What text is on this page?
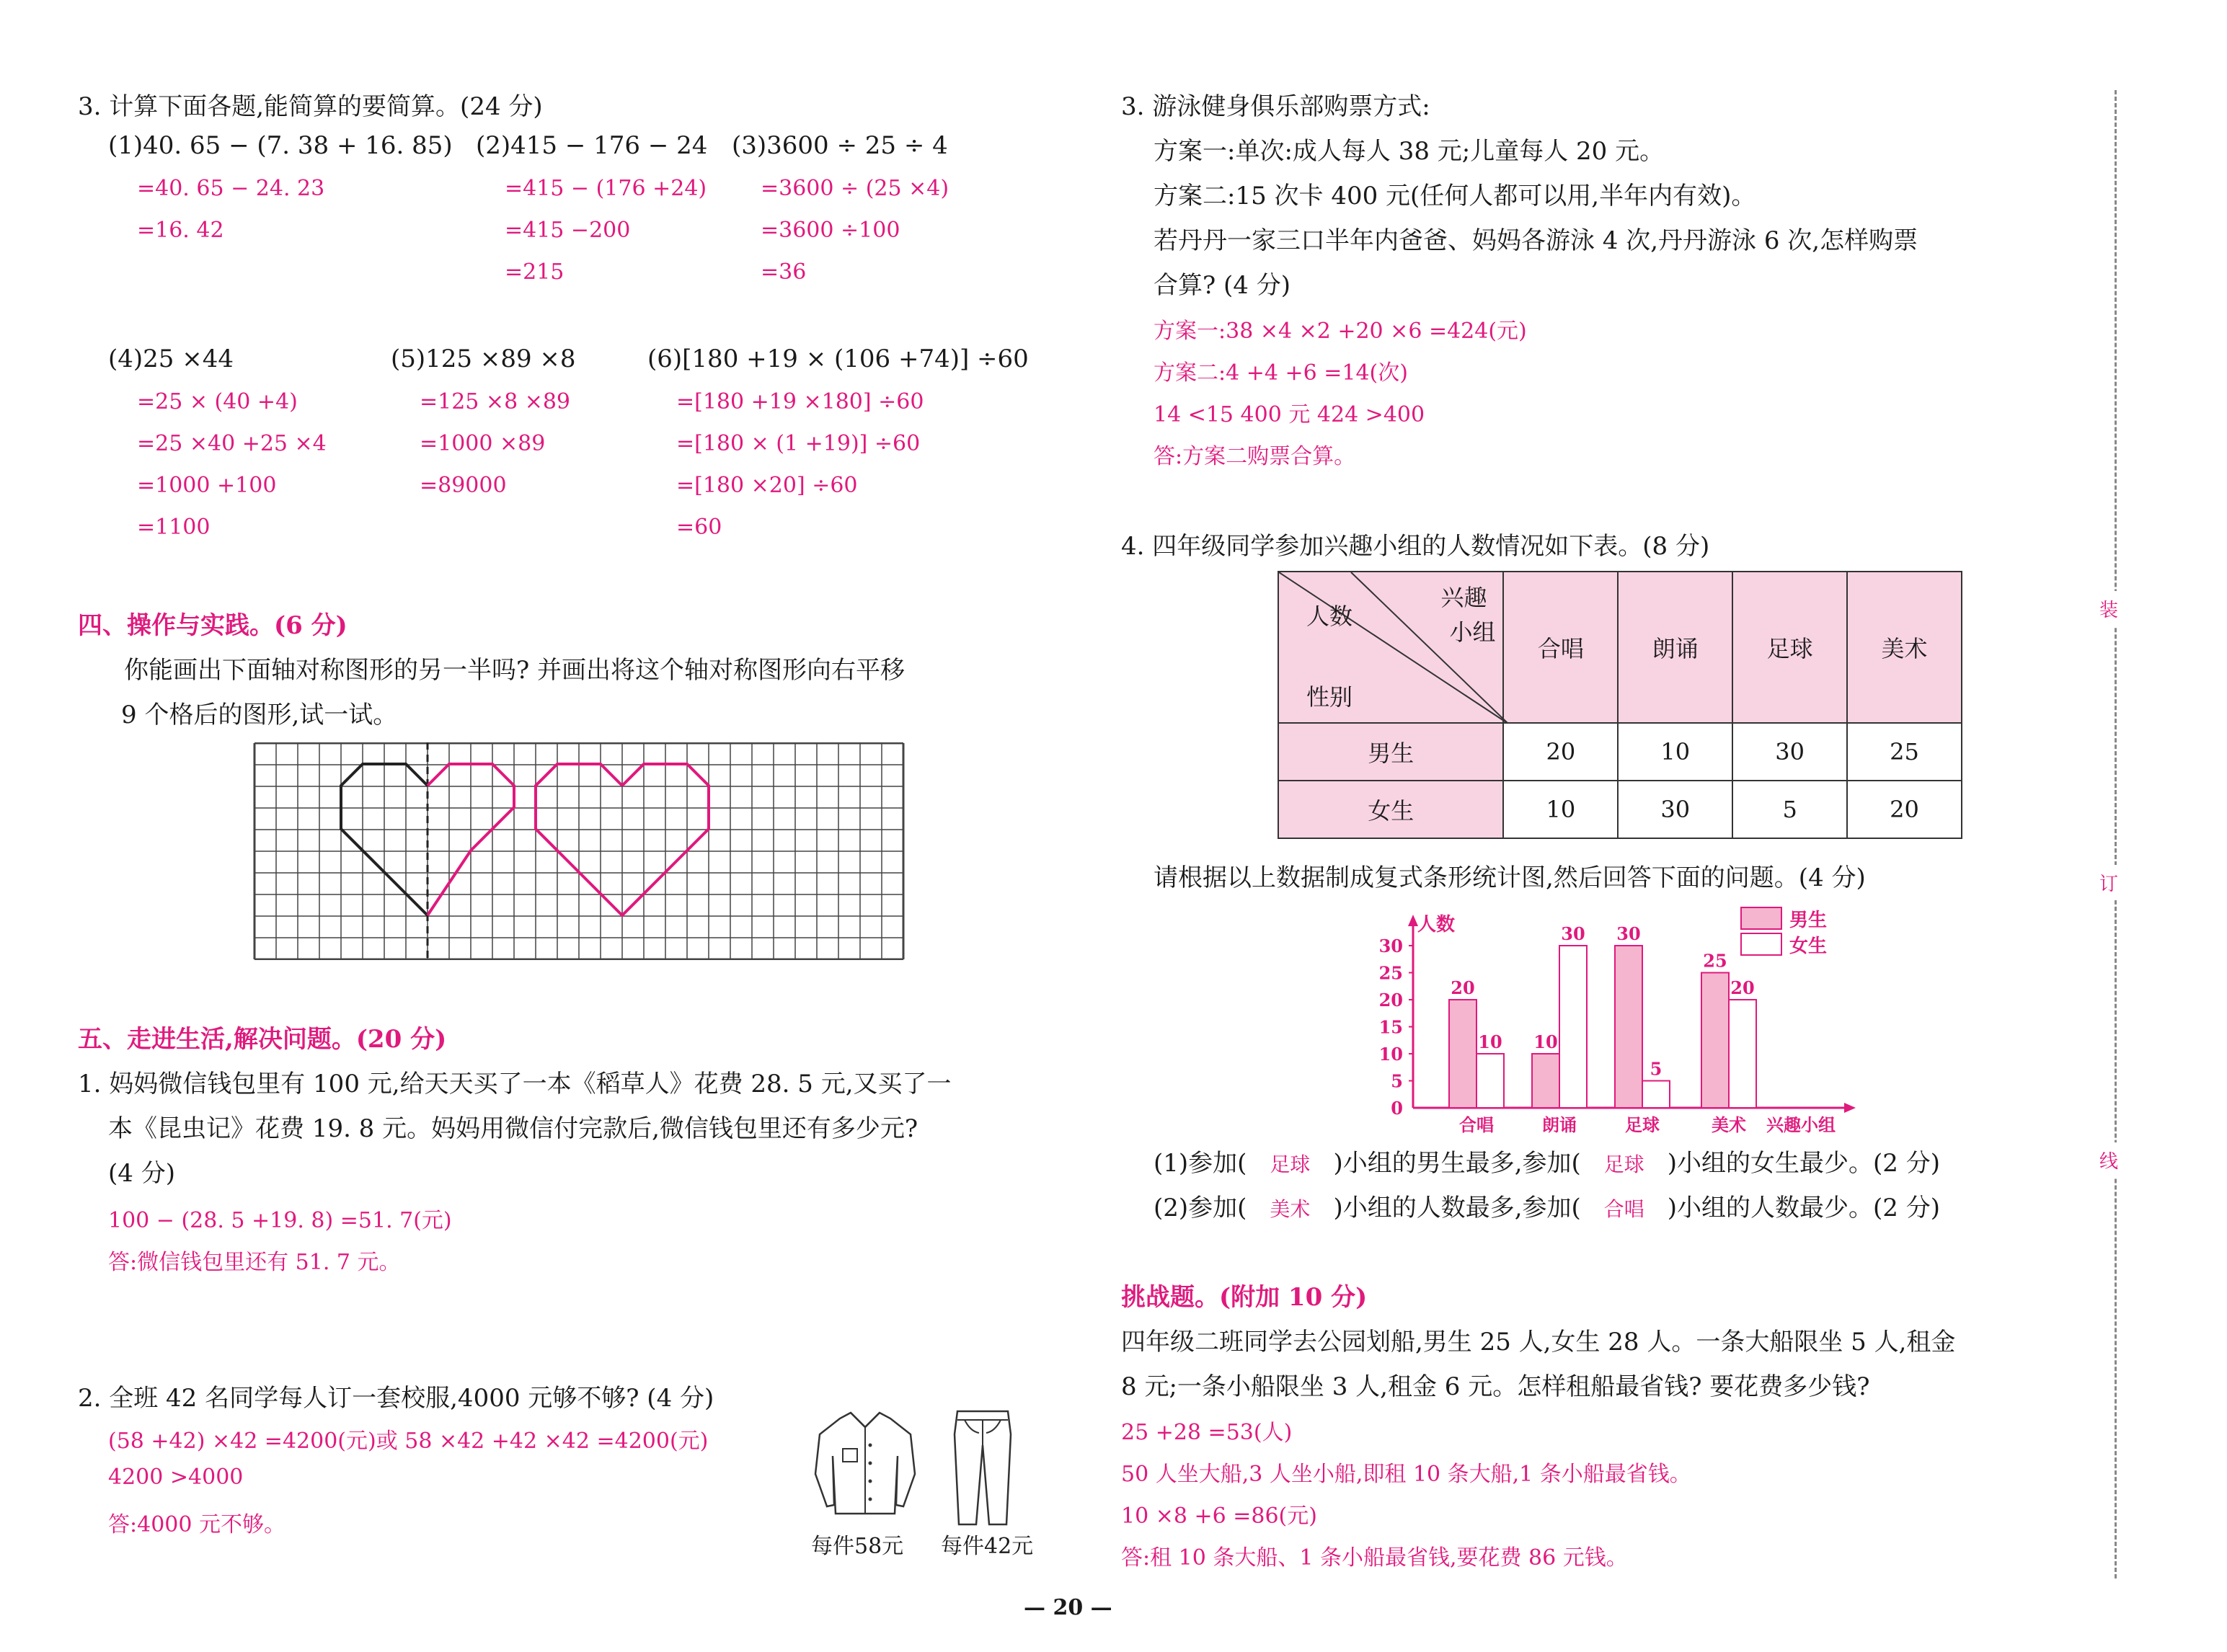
3. 计算下面各题,能简算的要简算。(24 分)
(1)40. 65 − (7. 38 + 16. 85)
=40. 65 − 24. 23
=16. 42
(2)415 − 176 − 24
=415 − (176 +24)
=415 −200
=215
(3)3600 ÷ 25 ÷ 4
=3600 ÷ (25 ×4)
=3600 ÷100
=36
(4)25 ×44
=25 × (40 +4)
=25 ×40 +25 ×4
=1000 +100
=1100
(5)125 ×89 ×8
=125 ×8 ×89
=1000 ×89
=89000
(6)[180 +19 × (106 +74)] ÷60
=[180 +19 ×180] ÷60
=[180 × (1 +19)] ÷60
=[180 ×20] ÷60
=60
四、操作与实践。(6 分)
你能画出下面轴对称图形的另一半吗? 并画出将这个轴对称图形向右平移
9 个格后的图形,试一试。
五、走进生活,解决问题。(20 分)
1. 妈妈微信钱包里有 100 元,给天天买了一本《稻草人》花费 28. 5 元,又买了一
本《昆虫记》花费 19. 8 元。妈妈用微信付完款后,微信钱包里还有多少元?
(4 分)
100 − (28. 5 +19. 8) =51. 7(元)
答:微信钱包里还有 51. 7 元。
2. 全班 42 名同学每人订一套校服,4000 元够不够? (4 分)
(58 +42) ×42 =4200(元)或 58 ×42 +42 ×42 =4200(元)
4200 >4000
答:4000 元不够。
每件58元 每件42元
3. 游泳健身俱乐部购票方式:
方案一:单次:成人每人 38 元;儿童每人 20 元。
方案二:15 次卡 400 元(任何人都可以用,半年内有效)。
若丹丹一家三口半年内爸爸、妈妈各游泳 4 次,丹丹游泳 6 次,怎样购票
合算? (4 分)
方案一:38 ×4 ×2 +20 ×6 =424(元)
方案二:4 +4 +6 =14(次)
14 <15 400 元 424 >400
答:方案二购票合算。
4. 四年级同学参加兴趣小组的人数情况如下表。(8 分)
兴趣
小组
人数
性别	合唱	朗诵	足球	美术
男生	20	10	30	25
女生	10	30	5	20
请根据以上数据制成复式条形统计图,然后回答下面的问题。(4 分)
人数
兴趣小组
0
5
10
15
20
25
30
20
10
合唱
10
30
朗诵
30
5
足球
25
20
美术
男生
女生
(1)参加( 足球 )小组的男生最多,参加( 足球 )小组的女生最少。(2 分)
(2)参加( 美术 )小组的人数最多,参加( 合唱 )小组的人数最少。(2 分)
挑战题。(附加 10 分)
四年级二班同学去公园划船,男生 25 人,女生 28 人。一条大船限坐 5 人,租金
8 元;一条小船限坐 3 人,租金 6 元。怎样租船最省钱? 要花费多少钱?
25 +28 =53(人)
50 人坐大船,3 人坐小船,即租 10 条大船,1 条小船最省钱。
10 ×8 +6 =86(元)
答:租 10 条大船、1 条小船最省钱,要花费 86 元钱。
装
订
线
— 20 —
